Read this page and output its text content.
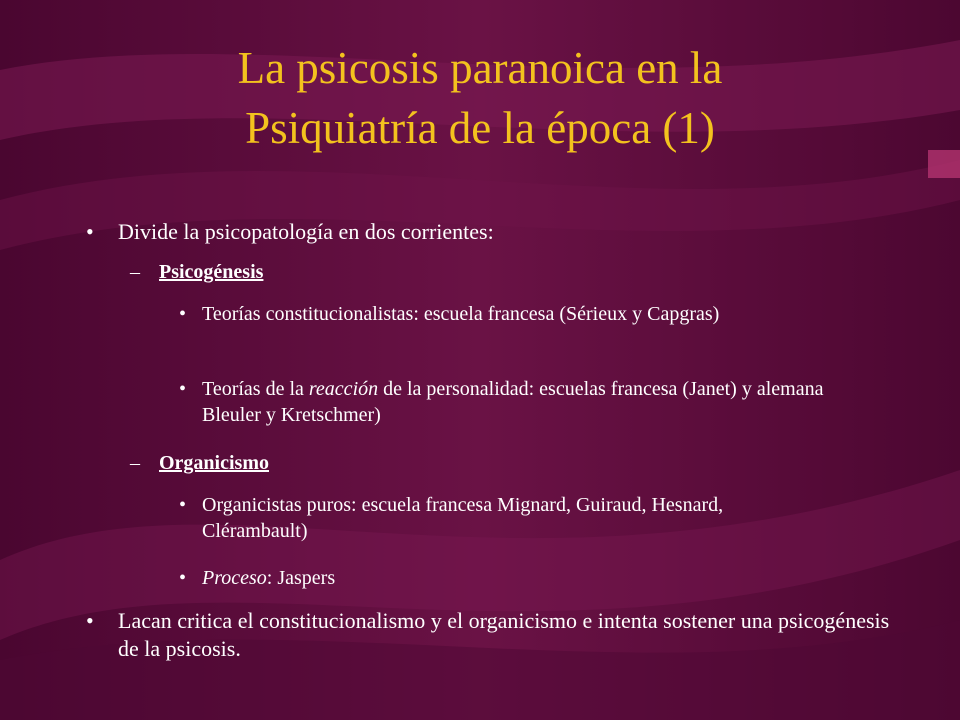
La psicosis paranoica en la
Psiquiatría de la época (1)
• Divide la psicopatología en dos corrientes:
– Psicogénesis
• Teorías constitucionalistas: escuela francesa (Sérieux y Capgras)
• Teorías de la reacción de la personalidad: escuelas francesa (Janet) y alemana Bleuler y Kretschmer)
– Organicismo
• Organicistas puros: escuela francesa Mignard, Guiraud, Hesnard, Clérambault)
• Proceso: Jaspers
• Lacan critica el constitucionalismo y el organicismo e intenta sostener una psicogénesis de la psicosis.
